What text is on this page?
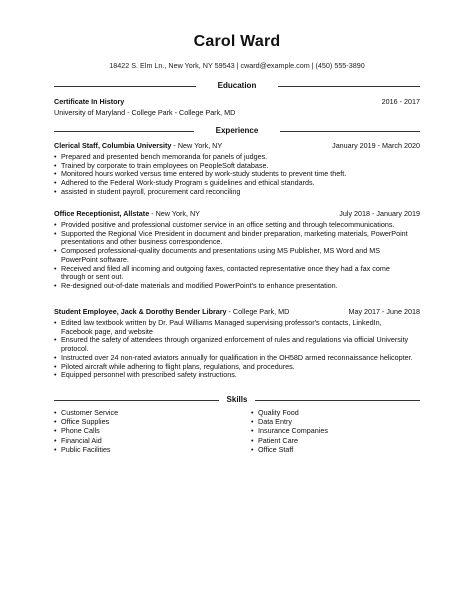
Carol Ward
18422 S. Elm Ln., New York, NY 59543 | cward@example.com | (450) 555-3890
Education
Certificate In History	2016 - 2017
University of Maryland - College Park - College Park, MD
Experience
Clerical Staff, Columbia University - New York, NY	January 2019 - March 2020
• Prepared and presented bench memoranda for panels of judges.
• Trained by corporate to train employees on PeopleSoft database.
• Monitored hours worked versus time entered by work-study students to prevent time theft.
• Adhered to the Federal Work-study Program s guidelines and ethical standards.
• assisted in student payroll, procurement card reconciling
Office Receptionist, Allstate - New York, NY	July 2018 - January 2019
• Provided positive and professional customer service in an office setting and through telecommunications.
• Supported the Regional Vice President in document and binder preparation, marketing materials, PowerPoint presentations and other business correspondence.
• Composed professional-quality documents and presentations using MS Publisher, MS Word and MS PowerPoint software.
• Received and filed all incoming and outgoing faxes, contacted representative once they had a fax come through or sent out.
• Re-designed out-of-date materials and modified PowerPoint's to enhance presentation.
Student Employee, Jack & Dorothy Bender Library - College Park, MD	May 2017 - June 2018
• Edited law textbook written by Dr. Paul Williams Managed supervising professor's contacts, LinkedIn, Facebook page, and website
• Ensured the safety of attendees through organized enforcement of rules and regulations via official University protocol.
• Instructed over 24 non-rated aviators annually for qualification in the OH58D armed reconnaissance helicopter.
• Piloted aircraft while adhering to flight plans, regulations, and procedures.
• Equipped personnel with prescribed safety instructions.
Skills
• Customer Service
• Office Supplies
• Phone Calls
• Financial Aid
• Public Facilities
• Quality Food
• Data Entry
• Insurance Companies
• Patient Care
• Office Staff
